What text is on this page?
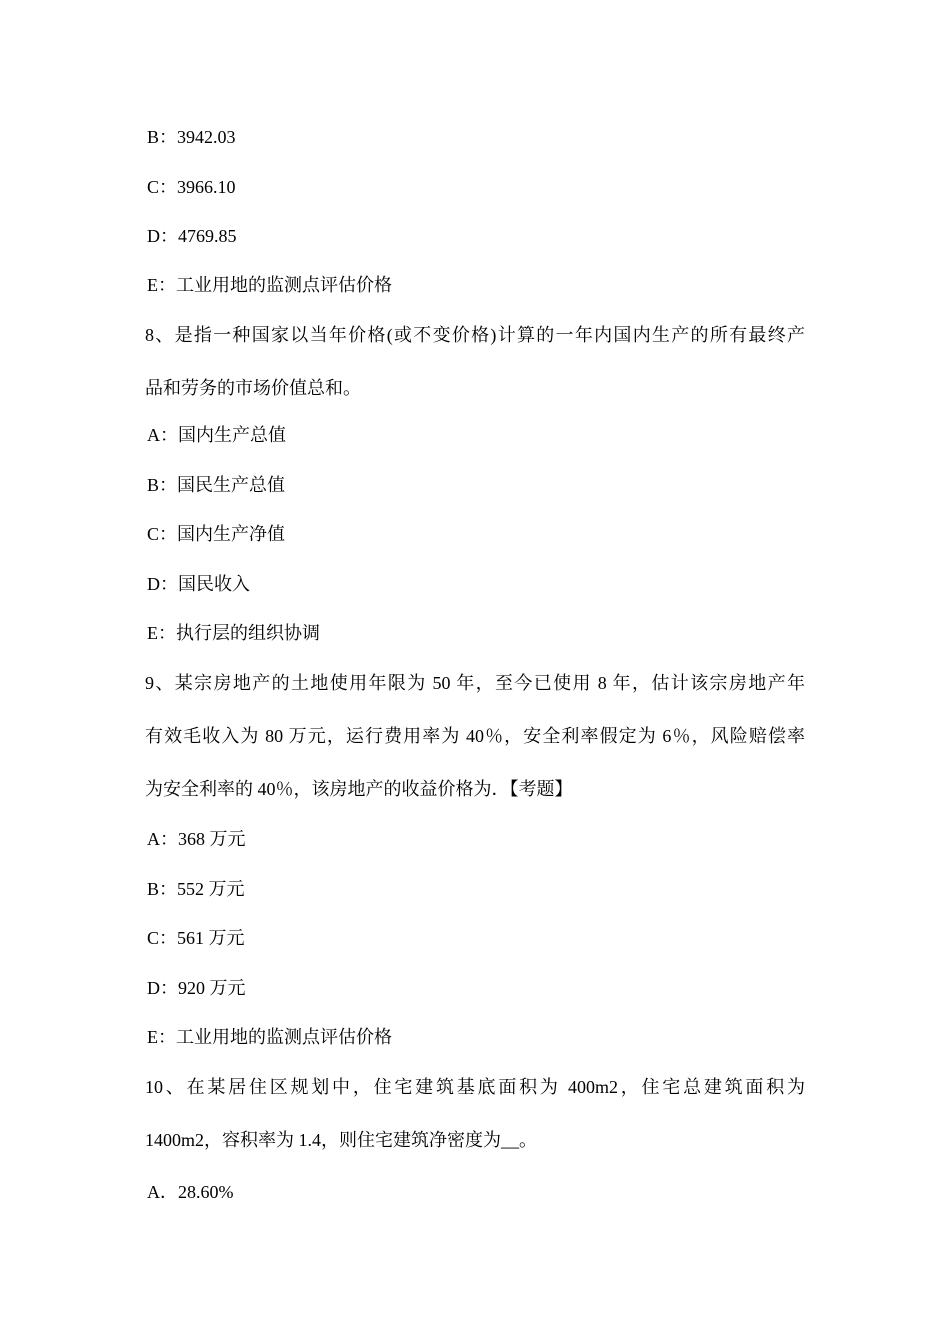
B：3942.03
C：3966.10
D：4769.85
E：工业用地的监测点评估价格
8、是指一种国家以当年价格(或不变价格)计算的一年内国内生产的所有最终产
品和劳务的市场价值总和。
A：国内生产总值
B：国民生产总值
C：国内生产净值
D：国民收入
E：执行层的组织协调
9、某宗房地产的土地使用年限为 50 年，至今已使用 8 年，估计该宗房地产年
有效毛收入为 80 万元，运行费用率为 40％，安全利率假定为 6％，风险赔偿率
为安全利率的 40％，该房地产的收益价格为．【考题】
A：368 万元
B：552 万元
C：561 万元
D：920 万元
E：工业用地的监测点评估价格
10、在某居住区规划中，住宅建筑基底面积为 400m2，住宅总建筑面积为
1400m2，容积率为 1.4，则住宅建筑净密度为__。
A．28.60%
